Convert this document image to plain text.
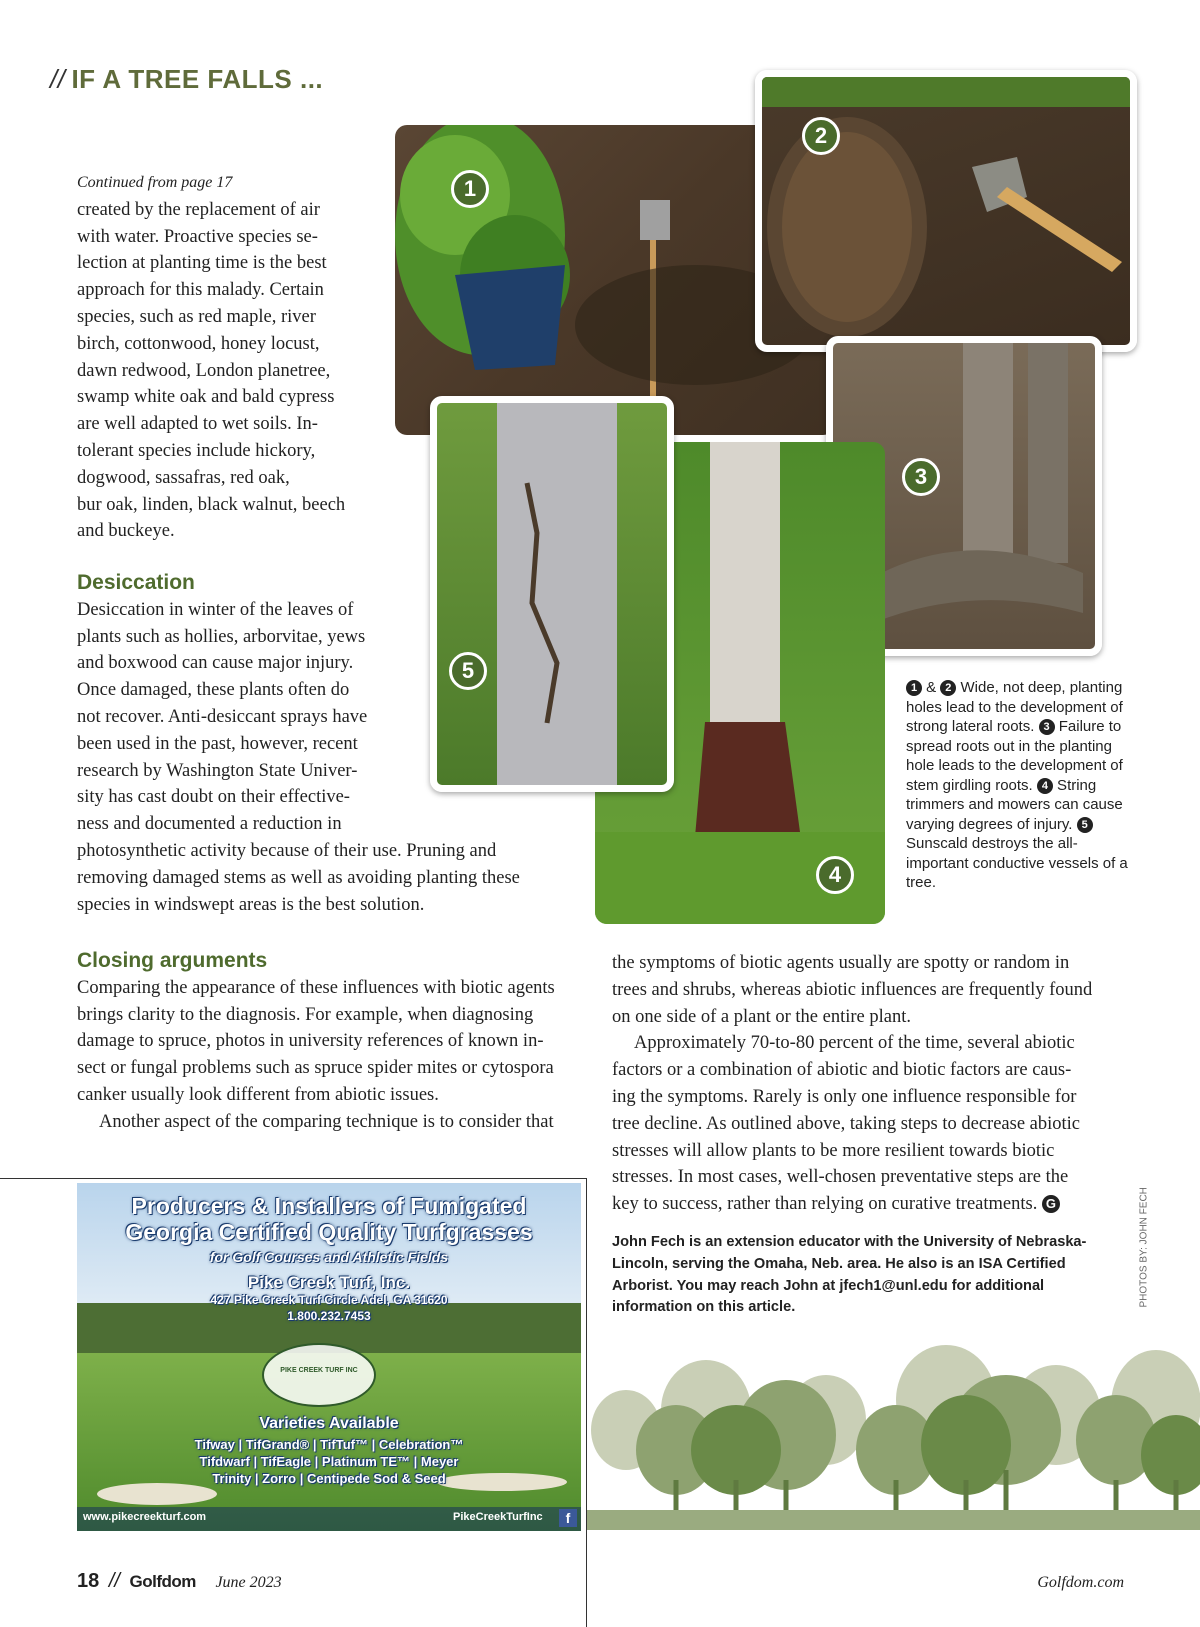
// IF A TREE FALLS ...

Continued from page 17

created by the replacement of air

with water. Proactive species se-

lection at planting time is the best

approach for this malady. Certain

species, such as red maple, river

birch, cottonwood, honey locust,

dawn redwood, London planetree,

swamp white oak and bald cypress

are well adapted to wet soils. In-

tolerant species include hickory,

dogwood, sassafras, red oak,

bur oak, linden, black walnut, beech

and buckeye.

Desiccation

Desiccation in winter of the leaves of

plants such as hollies, arborvitae, yews

and boxwood can cause major injury.

Once damaged, these plants often do

not recover. Anti-desiccant sprays have

been used in the past, however, recent

research by Washington State Univer-

sity has cast doubt on their effective-

ness and documented a reduction in

photosynthetic activity because of their use. Pruning and

removing damaged stems as well as avoiding planting these

species in windswept areas is the best solution.

Closing arguments

Comparing the appearance of these influences with biotic agents

brings clarity to the diagnosis. For example, when diagnosing

damage to spruce, photos in university references of known in-

sect or fungal problems such as spruce spider mites or cytospora

canker usually look different from abiotic issues.

Another aspect of the comparing technique is to consider that

the symptoms of biotic agents usually are spotty or random in

trees and shrubs, whereas abiotic influences are frequently found

on one side of a plant or the entire plant.

Approximately 70-to-80 percent of the time, several abiotic

factors or a combination of abiotic and biotic factors are caus-

ing the symptoms. Rarely is only one influence responsible for

tree decline. As outlined above, taking steps to decrease abiotic

stresses will allow plants to be more resilient towards biotic

stresses. In most cases, well-chosen preventative steps are the

key to success, rather than relying on curative treatments. G

John Fech is an extension educator with the University of Nebraska-
Lincoln, serving the Omaha, Neb. area. He also is an ISA Certified
Arborist. You may reach John at jfech1@unl.edu for additional
information on this article.	PHOTOS BY: JOHN FECH
1
2
3
4
5
1 & 2 Wide, not deep, planting holes lead to the development of strong lateral roots. 3 Failure to spread roots out in the planting hole leads to the development of stem girdling roots. 4 String trimmers and mowers can cause varying degrees of injury. 5 Sunscald destroys the all-important conductive vessels of a tree.
Producers & Installers of Fumigated
Georgia Certified Quality Turfgrasses
for Golf Courses and Athletic Fields
Pike Creek Turf, Inc.
427 Pike Creek Turf Circle Adel, GA 31620
1.800.232.7453
PIKE CREEK TURF INC
Varieties Available
Tifway | TifGrand® | TifTuf™ | Celebration™
Tifdwarf | TifEagle | Platinum TE™ | Meyer
Trinity | Zorro | Centipede Sod & Seed
www.pikecreekturf.com	PikeCreekTurfInc	f
18 // Golfdom June 2023	Golfdom.com
